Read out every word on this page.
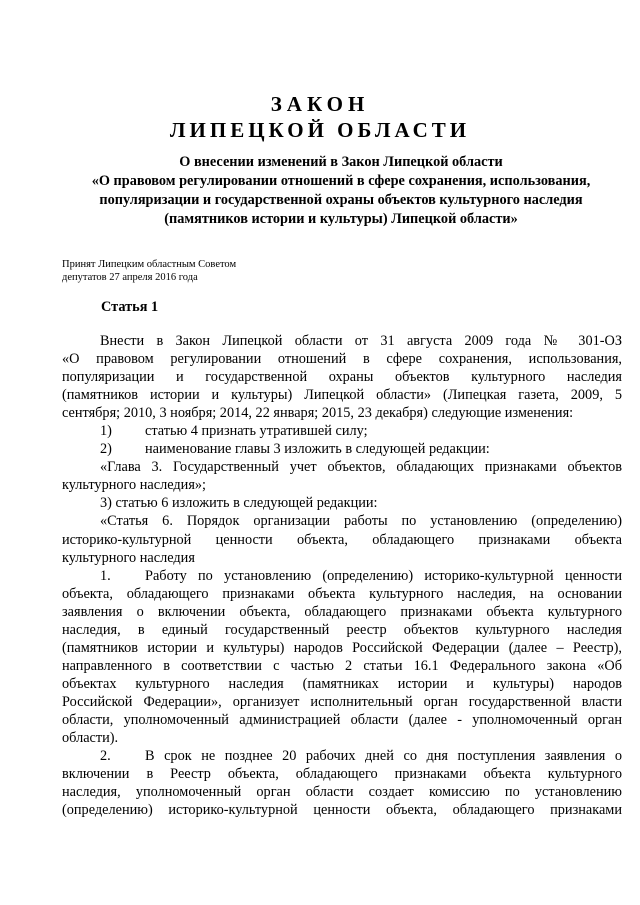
ЗАКОН
ЛИПЕЦКОЙ ОБЛАСТИ
О внесении изменений в Закон Липецкой области
«О правовом регулировании отношений в сфере сохранения, использования,
популяризации и государственной охраны объектов культурного наследия
(памятников истории и культуры) Липецкой области»
Принят Липецким областным Советом
депутатов 27 апреля 2016 года
Статья 1
Внести в Закон Липецкой области от 31 августа 2009 года № 301-ОЗ
«О правовом регулировании отношений в сфере сохранения, использования,
популяризации и государственной охраны объектов культурного наследия
(памятников истории и культуры) Липецкой области» (Липецкая газета, 2009, 5
сентября; 2010, 3 ноября; 2014, 22 января; 2015, 23 декабря) следующие изменения:
1)	статью 4 признать утратившей силу;
2)	наименование главы 3 изложить в следующей редакции:
«Глава 3. Государственный учет объектов, обладающих признаками объектов
культурного наследия»;
3) статью 6 изложить в следующей редакции:
«Статья 6. Порядок организации работы по установлению (определению)
историко-культурной ценности объекта, обладающего признаками объекта
культурного наследия
1.	Работу по установлению (определению) историко-культурной ценности
объекта, обладающего признаками объекта культурного наследия, на основании
заявления о включении объекта, обладающего признаками объекта культурного
наследия, в единый государственный реестр объектов культурного наследия
(памятников истории и культуры) народов Российской Федерации (далее – Реестр),
направленного в соответствии с частью 2 статьи 16.1 Федерального закона «Об
объектах культурного наследия (памятниках истории и культуры) народов
Российской Федерации», организует исполнительный орган государственной власти
области, уполномоченный администрацией области (далее - уполномоченный орган
области).
2.	В срок не позднее 20 рабочих дней со дня поступления заявления о
включении в Реестр объекта, обладающего признаками объекта культурного
наследия, уполномоченный орган области создает комиссию по установлению
(определению) историко-культурной ценности объекта, обладающего признаками
